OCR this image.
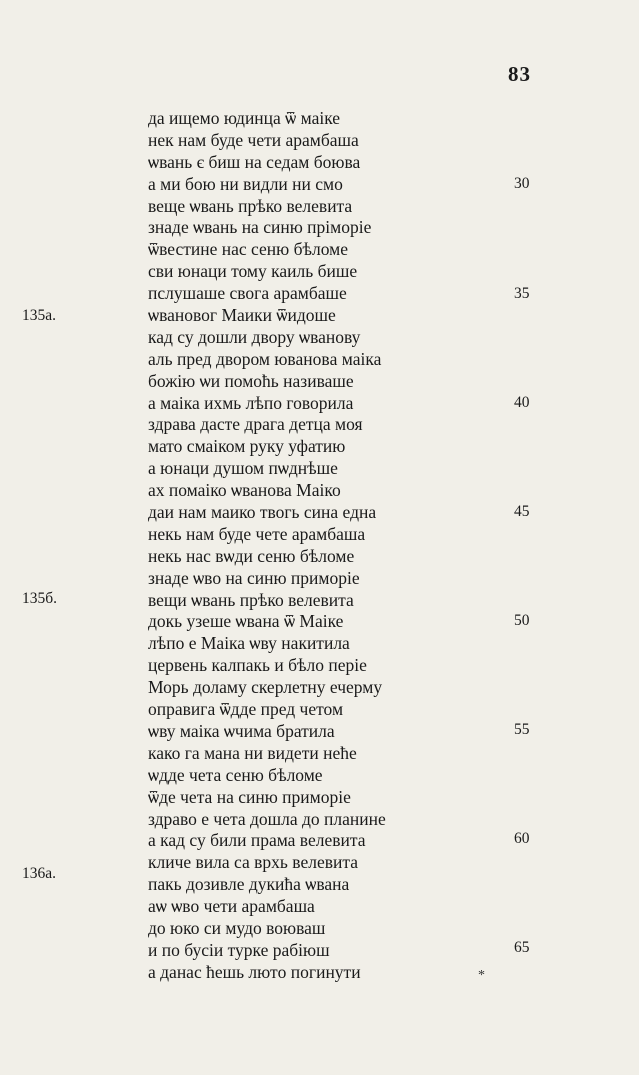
83
да ищемо юдинца ѿ маіке
нек нам буде чети арамбаша
ѡвань є биш на седам боюва
а ми бою ни видли ни смо
веще ѡвань прѣко велевита
знаде ѡвань на синю пріморіе
ѿвестине нас сеню бѣломе
сви юнаци тому каиль бише
пслушаше свога арамбаше
ѡвановог Маики ѿидоше
кад су дошли двору ѡванову
аль пред двором ювановa маіка
божію ѡи помоћь називаше
а маіка ихмь лѣпо говорила
здрава дасте драга детца моя
мато смаіком руку уфатию
а юнаци душом пѡднѣше
ах помаіко ѡванова Маіко
даи нам маико твогь сина една
некь нам буде чете арамбаша
некь нас вѡди сеню бѣломе
знаде ѡво на синю приморіе
вещи ѡвань прѣко велевита
докь узеше ѡвана ѿ Маіке
лѣпо е Маіка ѡву накитила
цервень калпакь и бѣло періе
Морь доламу скерлетну ечерму
оправига ѿдде пред четом
ѡву маіка ѡчима братила
како га мана ни видети нећe
ѡдде чета сеню бѣломе
ѿде чета на синю приморіе
здраво е чета дошла до планине
а кад су били прама велевита
кличе вила са врхь велевита
пакь дозивле дукића ѡвана
аѡ ѡво чети арамбаша
до юко си мудо воюваш
и по бусіи турке рабіюш
а данас ћешь лютo погинути
30
35
40
45
50
55
60
65
135a.
135б.
136a.
*
